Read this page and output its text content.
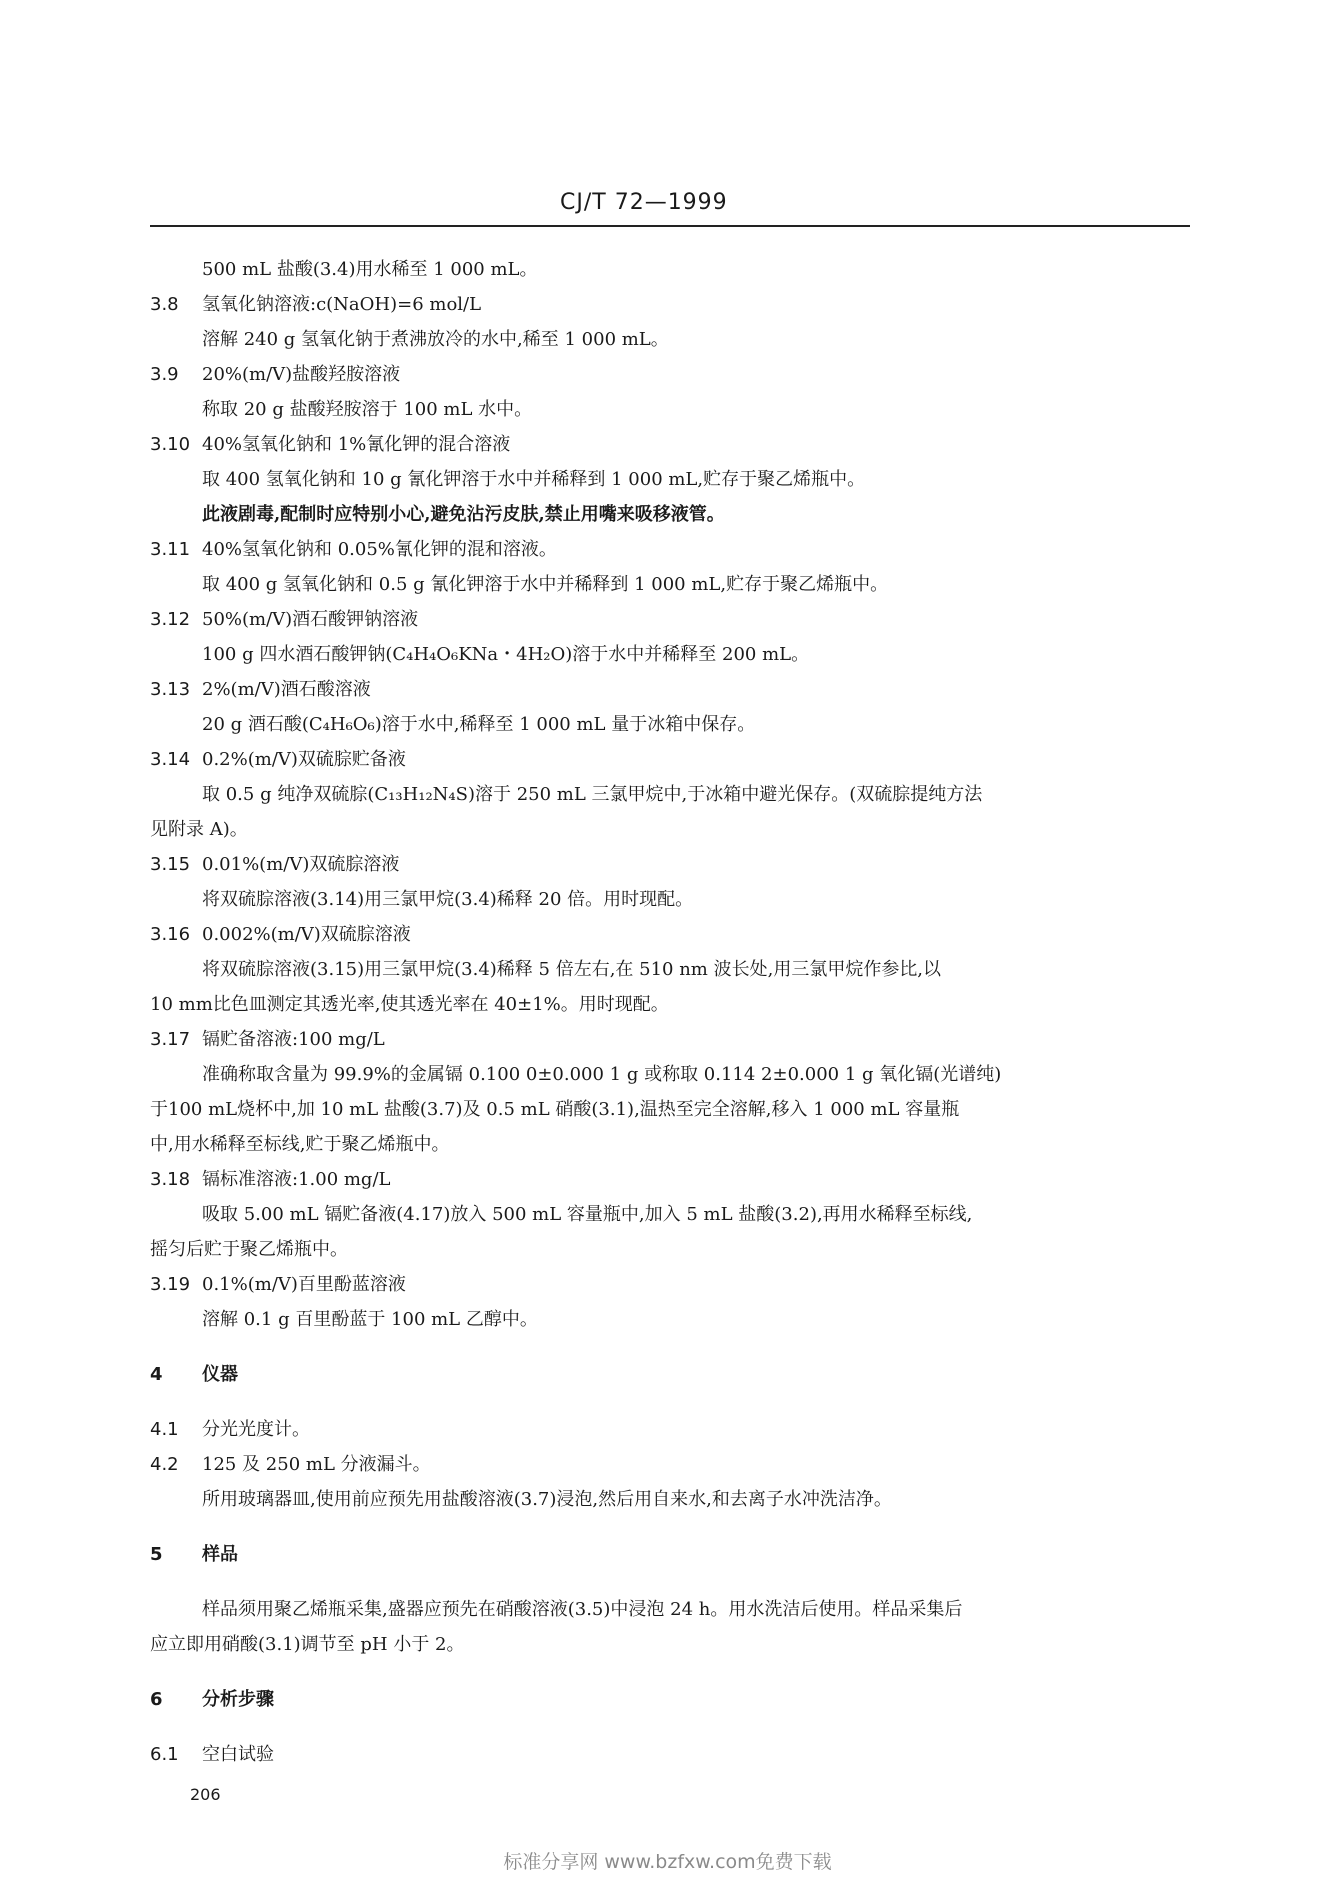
CJ/T 72—1999
500 mL 盐酸(3.4)用水稀至 1 000 mL。
3.8 氢氧化钠溶液:c(NaOH)=6 mol/L
溶解 240 g 氢氧化钠于煮沸放冷的水中,稀至 1 000 mL。
3.9 20%(m/V)盐酸羟胺溶液
称取 20 g 盐酸羟胺溶于 100 mL 水中。
3.10 40%氢氧化钠和 1%氰化钾的混合溶液
取 400 氢氧化钠和 10 g 氰化钾溶于水中并稀释到 1 000 mL,贮存于聚乙烯瓶中。
此液剧毒,配制时应特别小心,避免沾污皮肤,禁止用嘴来吸移液管。
3.11 40%氢氧化钠和 0.05%氰化钾的混和溶液。
取 400 g 氢氧化钠和 0.5 g 氰化钾溶于水中并稀释到 1 000 mL,贮存于聚乙烯瓶中。
3.12 50%(m/V)酒石酸钾钠溶液
100 g 四水酒石酸钾钠(C₄H₄O₆KNa・4H₂O)溶于水中并稀释至 200 mL。
3.13 2%(m/V)酒石酸溶液
20 g 酒石酸(C₄H₆O₆)溶于水中,稀释至 1 000 mL 量于冰箱中保存。
3.14 0.2%(m/V)双硫腙贮备液
取 0.5 g 纯净双硫腙(C₁₃H₁₂N₄S)溶于 250 mL 三氯甲烷中,于冰箱中避光保存。(双硫腙提纯方法
见附录 A)。
3.15 0.01%(m/V)双硫腙溶液
将双硫腙溶液(3.14)用三氯甲烷(3.4)稀释 20 倍。用时现配。
3.16 0.002%(m/V)双硫腙溶液
将双硫腙溶液(3.15)用三氯甲烷(3.4)稀释 5 倍左右,在 510 nm 波长处,用三氯甲烷作参比,以
10 mm比色皿测定其透光率,使其透光率在 40±1%。用时现配。
3.17 镉贮备溶液:100 mg/L
准确称取含量为 99.9%的金属镉 0.100 0±0.000 1 g 或称取 0.114 2±0.000 1 g 氧化镉(光谱纯)
于100 mL烧杯中,加 10 mL 盐酸(3.7)及 0.5 mL 硝酸(3.1),温热至完全溶解,移入 1 000 mL 容量瓶
中,用水稀释至标线,贮于聚乙烯瓶中。
3.18 镉标准溶液:1.00 mg/L
吸取 5.00 mL 镉贮备液(4.17)放入 500 mL 容量瓶中,加入 5 mL 盐酸(3.2),再用水稀释至标线,
摇匀后贮于聚乙烯瓶中。
3.19 0.1%(m/V)百里酚蓝溶液
溶解 0.1 g 百里酚蓝于 100 mL 乙醇中。
4 仪器
4.1 分光光度计。
4.2 125 及 250 mL 分液漏斗。
所用玻璃器皿,使用前应预先用盐酸溶液(3.7)浸泡,然后用自来水,和去离子水冲洗洁净。
5 样品
样品须用聚乙烯瓶采集,盛器应预先在硝酸溶液(3.5)中浸泡 24 h。用水洗洁后使用。样品采集后
应立即用硝酸(3.1)调节至 pH 小于 2。
6 分析步骤
6.1 空白试验
206
标准分享网 www.bzfxw.com免费下载
